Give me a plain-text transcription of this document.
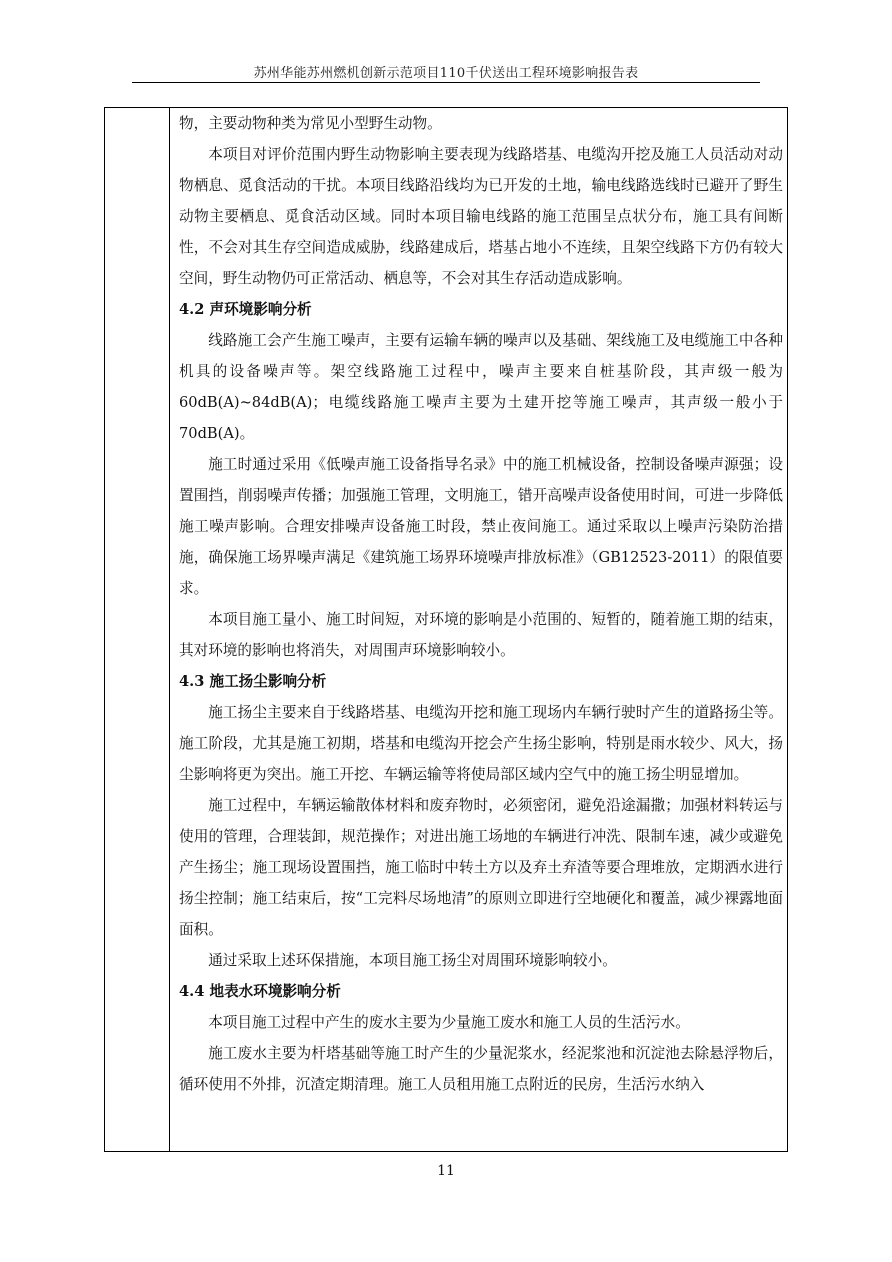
苏州华能苏州燃机创新示范项目110千伏送出工程环境影响报告表

物，主要动物种类为常见小型野生动物。

本项目对评价范围内野生动物影响主要表现为线路塔基、电缆沟开挖及施工人员活动对动物栖息、觅食活动的干扰。本项目线路沿线均为已开发的土地，输电线路选线时已避开了野生动物主要栖息、觅食活动区域。同时本项目输电线路的施工范围呈点状分布，施工具有间断性，不会对其生存空间造成威胁，线路建成后，塔基占地小不连续，且架空线路下方仍有较大空间，野生动物仍可正常活动、栖息等，不会对其生存活动造成影响。

4.2 声环境影响分析

线路施工会产生施工噪声，主要有运输车辆的噪声以及基础、架线施工及电缆施工中各种机具的设备噪声等。架空线路施工过程中，噪声主要来自桩基阶段，其声级一般为 60dB(A)~84dB(A)；电缆线路施工噪声主要为土建开挖等施工噪声，其声级一般小于70dB(A)。

施工时通过采用《低噪声施工设备指导名录》中的施工机械设备，控制设备噪声源强；设置围挡，削弱噪声传播；加强施工管理，文明施工，错开高噪声设备使用时间，可进一步降低施工噪声影响。合理安排噪声设备施工时段，禁止夜间施工。通过采取以上噪声污染防治措施，确保施工场界噪声满足《建筑施工场界环境噪声排放标准》（GB12523-2011）的限值要求。

本项目施工量小、施工时间短，对环境的影响是小范围的、短暂的，随着施工期的结束，其对环境的影响也将消失，对周围声环境影响较小。

4.3 施工扬尘影响分析

施工扬尘主要来自于线路塔基、电缆沟开挖和施工现场内车辆行驶时产生的道路扬尘等。施工阶段，尤其是施工初期，塔基和电缆沟开挖会产生扬尘影响，特别是雨水较少、风大，扬尘影响将更为突出。施工开挖、车辆运输等将使局部区域内空气中的施工扬尘明显增加。

施工过程中，车辆运输散体材料和废弃物时，必须密闭，避免沿途漏撒；加强材料转运与使用的管理，合理装卸，规范操作；对进出施工场地的车辆进行冲洗、限制车速，减少或避免产生扬尘；施工现场设置围挡，施工临时中转土方以及弃土弃渣等要合理堆放，定期洒水进行扬尘控制；施工结束后，按“工完料尽场地清”的原则立即进行空地硬化和覆盖，减少裸露地面面积。

通过采取上述环保措施，本项目施工扬尘对周围环境影响较小。

4.4 地表水环境影响分析

本项目施工过程中产生的废水主要为少量施工废水和施工人员的生活污水。

施工废水主要为杆塔基础等施工时产生的少量泥浆水，经泥浆池和沉淀池去除悬浮物后，循环使用不外排，沉渣定期清理。施工人员租用施工点附近的民房，生活污水纳入

11
